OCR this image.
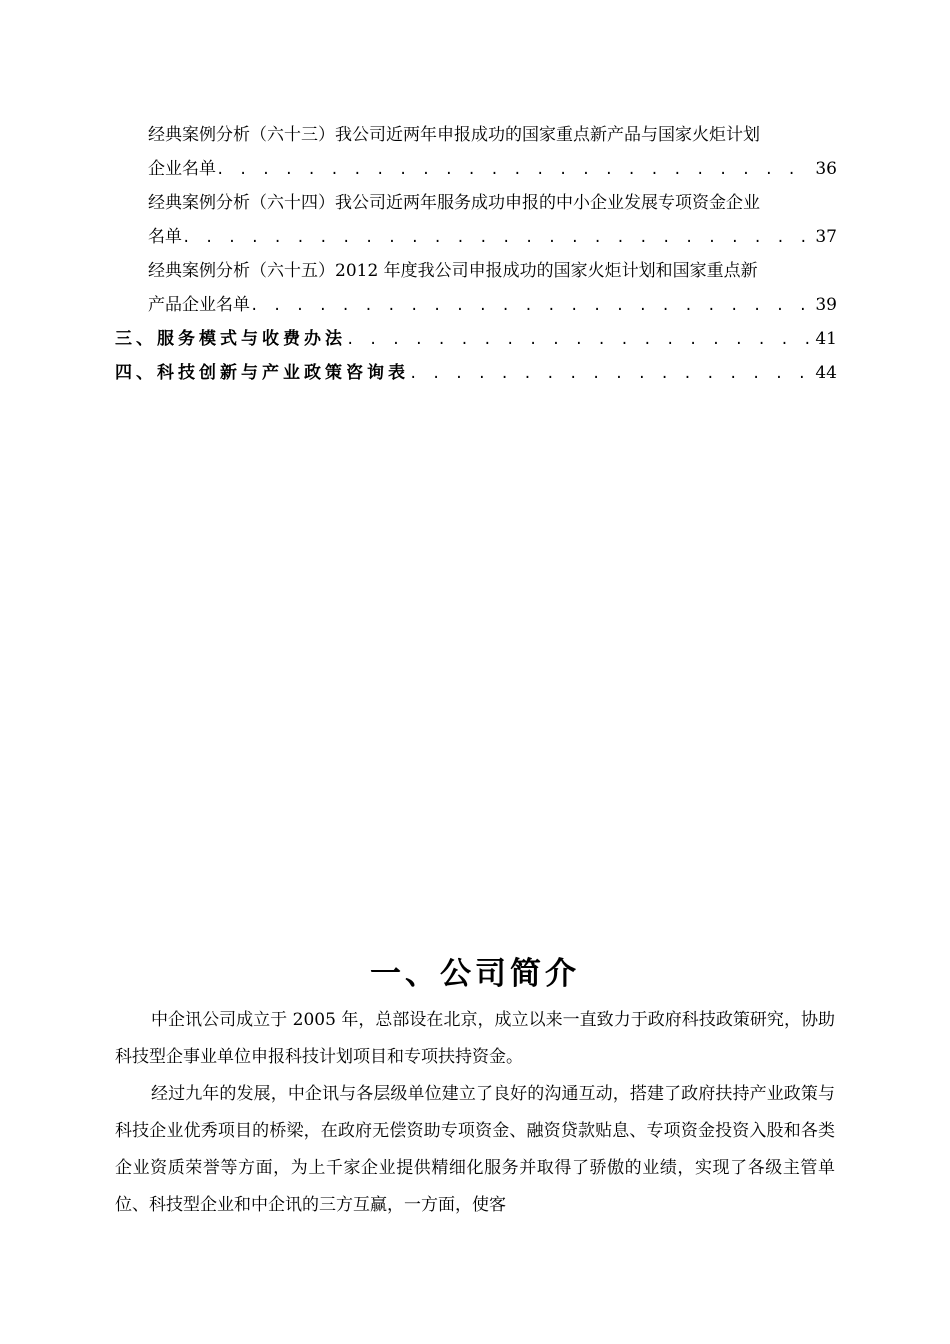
经典案例分析（六十三）我公司近两年申报成功的国家重点新产品与国家火炬计划
企业名单 . . .	36
经典案例分析（六十四）我公司近两年服务成功申报的中小企业发展专项资金企业
名单 . . .	37
经典案例分析（六十五）2012 年度我公司申报成功的国家火炬计划和国家重点新
产品企业名单 . . .	39
三、服务模式与收费办法 . . .	41
四、科技创新与产业政策咨询表 . . .	44
一、公司简介

中企讯公司成立于 2005 年，总部设在北京，成立以来一直致力于政府科技政策研究，协助科技型企事业单位申报科技计划项目和专项扶持资金。

经过九年的发展，中企讯与各层级单位建立了良好的沟通互动，搭建了政府扶持产业政策与科技企业优秀项目的桥梁，在政府无偿资助专项资金、融资贷款贴息、专项资金投资入股和各类企业资质荣誉等方面，为上千家企业提供精细化服务并取得了骄傲的业绩，实现了各级主管单位、科技型企业和中企讯的三方互赢，一方面，使客
